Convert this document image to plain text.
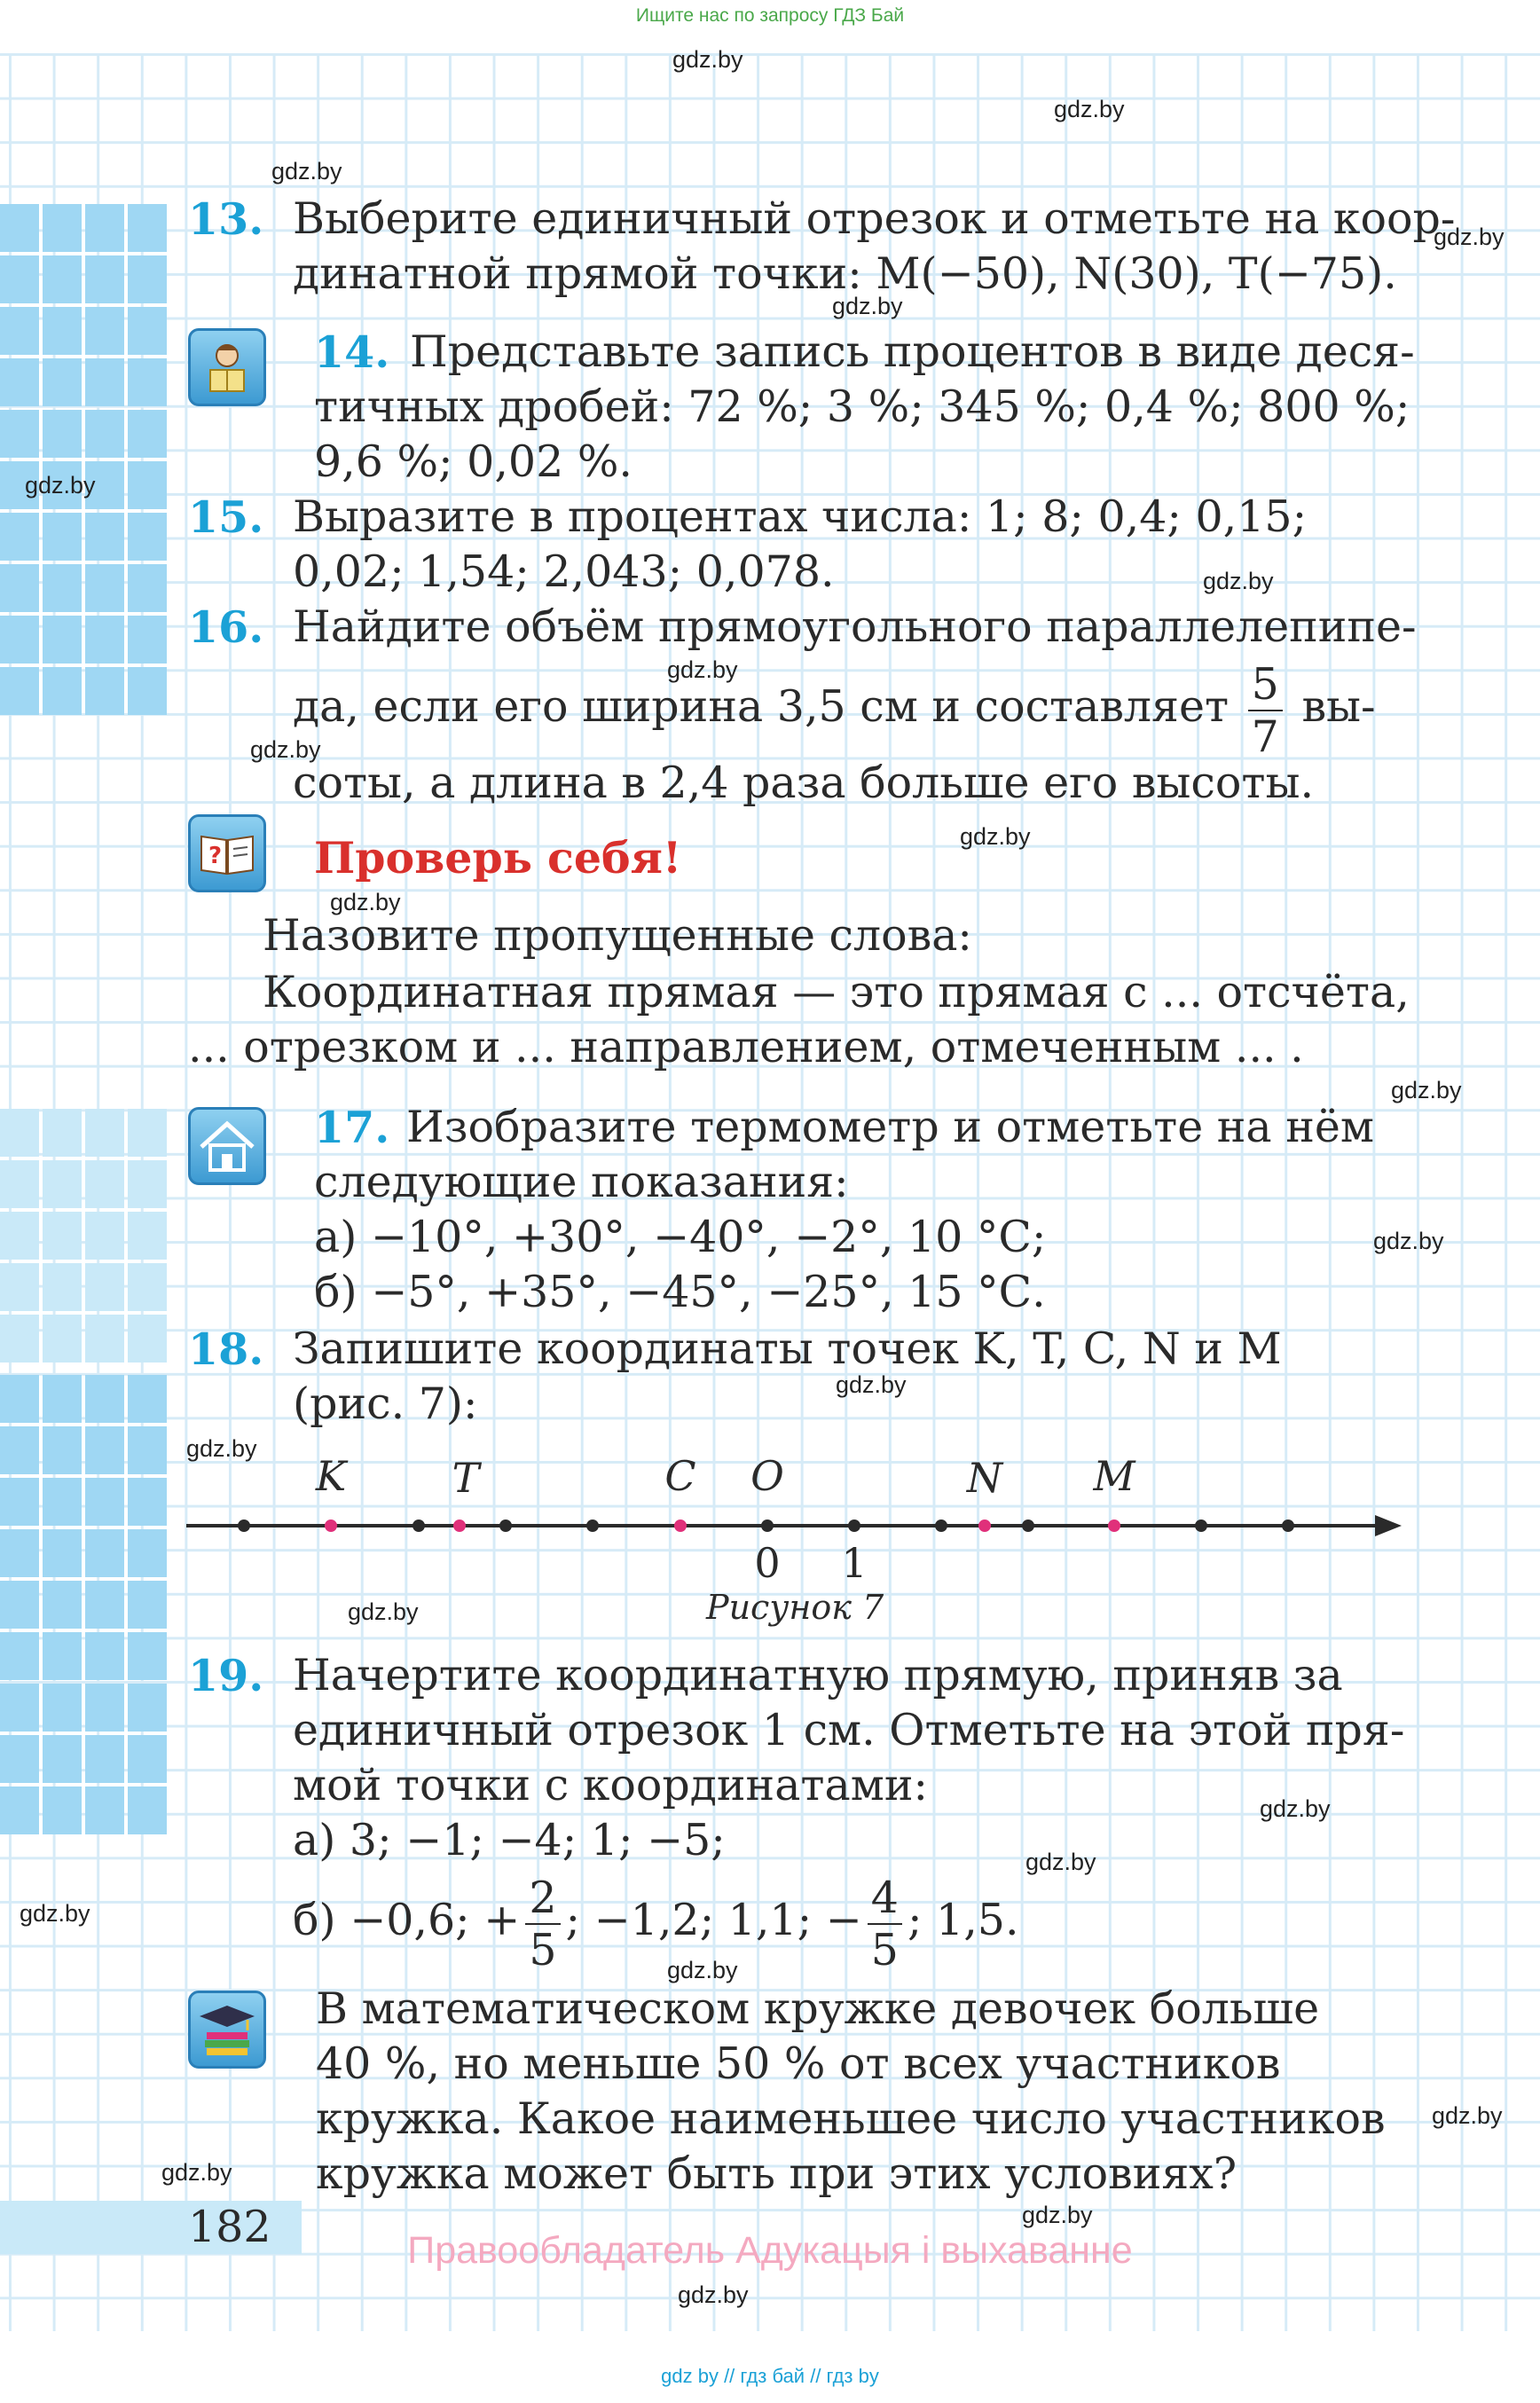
Ищите нас по запросу ГДЗ Бай
gdz.by
gdz.by
gdz.by
gdz.by
gdz.by
gdz.by
gdz.by
gdz.by
gdz.by
gdz.by
gdz.by
gdz.by
gdz.by
gdz.by
gdz.by
gdz.by
gdz.by
gdz.by
gdz.by
gdz.by
gdz.by
gdz.by
gdz.by
gdz.by
13. Выберите единичный отрезок и отметьте на коор-
динатной прямой точки: M(−50), N(30), T(−75).
14. Представьте запись процентов в виде деся-
тичных дробей: 72 %; 3 %; 345 %; 0,4 %; 800 %;
9,6 %; 0,02 %.
15. Выразите в процентах числа: 1; 8; 0,4; 0,15;
0,02; 1,54; 2,043; 0,078.
16. Найдите объём прямоугольного параллелепипе-
да, если его ширина 3,5 см и составляет $\frac{5}{7} вы-$
соты, а длина в 2,4 раза больше его высоты.
? Проверь себя!
Назовите пропущенные слова:
Координатная прямая — это прямая с ... отсчёта,
... отрезком и ... направлением, отмеченным ... .
17. Изобразите термометр и отметьте на нём
следующие показания:
а) −10°, +30°, −40°, −2°, 10 °С;
б) −5°, +35°, −45°, −25°, 15 °С.
18. Запишите координаты точек K, T, C, N и M
(рис. 7):
K	T	C O	N M
0 1
Рисунок 7
19. Начертите координатную прямую, приняв за
единичный отрезок 1 см. Отметьте на этой пря-
мой точки с координатами:
а) 3; −1; −4; 1; −5;
б) −0,6; + $\frac{2}{5}$ ; −1,2; 1,1; − $\frac{4}{5}$ ; 1,5.
В математическом кружке девочек больше
40 %, но меньше 50 % от всех участников
кружка. Какое наименьшее число участников
кружка может быть при этих условиях?
182	Правообладатель Адукацыя і выхаванне
gdz by // гдз бай // гдз by
